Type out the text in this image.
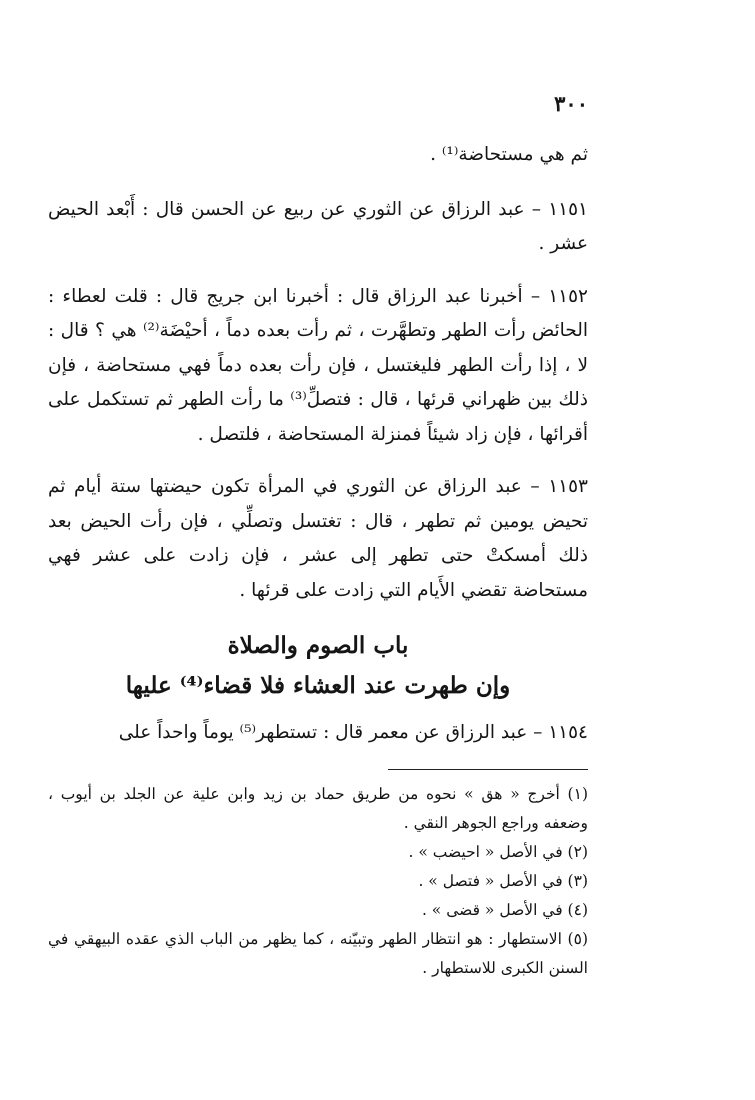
٣٠٠

ثم هي مستحاضة⁽¹⁾ .

١١٥١ – عبد الرزاق عن الثوري عن ربيع عن الحسن قال : أَبْعد الحيض عشر .

١١٥٢ – أخبرنا عبد الرزاق قال : أخبرنا ابن جريج قال : قلت لعطاء : الحائض رأت الطهر وتطهَّرت ، ثم رأت بعده دماً ، أحيْضَة⁽²⁾ هي ؟ قال : لا ، إذا رأت الطهر فليغتسل ، فإن رأت بعده دماً فهي مستحاضة ، فإن ذلك بين ظهراني قرئها ، قال : فتصلِّ⁽³⁾ ما رأت الطهر ثم تستكمل على أقرائها ، فإن زاد شيئاً فمنزلة المستحاضة ، فلتصل .

١١٥٣ – عبد الرزاق عن الثوري في المرأة تكون حيضتها ستة أيام ثم تحيض يومين ثم تطهر ، قال : تغتسل وتصلِّي ، فإن رأت الحيض بعد ذلك أمسكتْ حتى تطهر إلى عشر ، فإن زادت على عشر فهي مستحاضة تقضي الأَيام التي زادت على قرئها .

باب الصوم والصلاة
وإن طهرت عند العشاء فلا قضاء⁽⁴⁾ عليها

١١٥٤ – عبد الرزاق عن معمر قال : تستطهر⁽⁵⁾ يوماً واحداً على

(١) أخرج « هق » نحوه من طريق حماد بن زيد وابن علية عن الجلد بن أيوب ، وضعفه وراجع الجوهر النقي .

(٢) في الأصل « احيضب » .

(٣) في الأصل « فتصل » .

(٤) في الأصل « قضى » .

(٥) الاستطهار : هو انتظار الطهر وتبيّنه ، كما يظهر من الباب الذي عقده البيهقي في السنن الكبرى للاستطهار .
